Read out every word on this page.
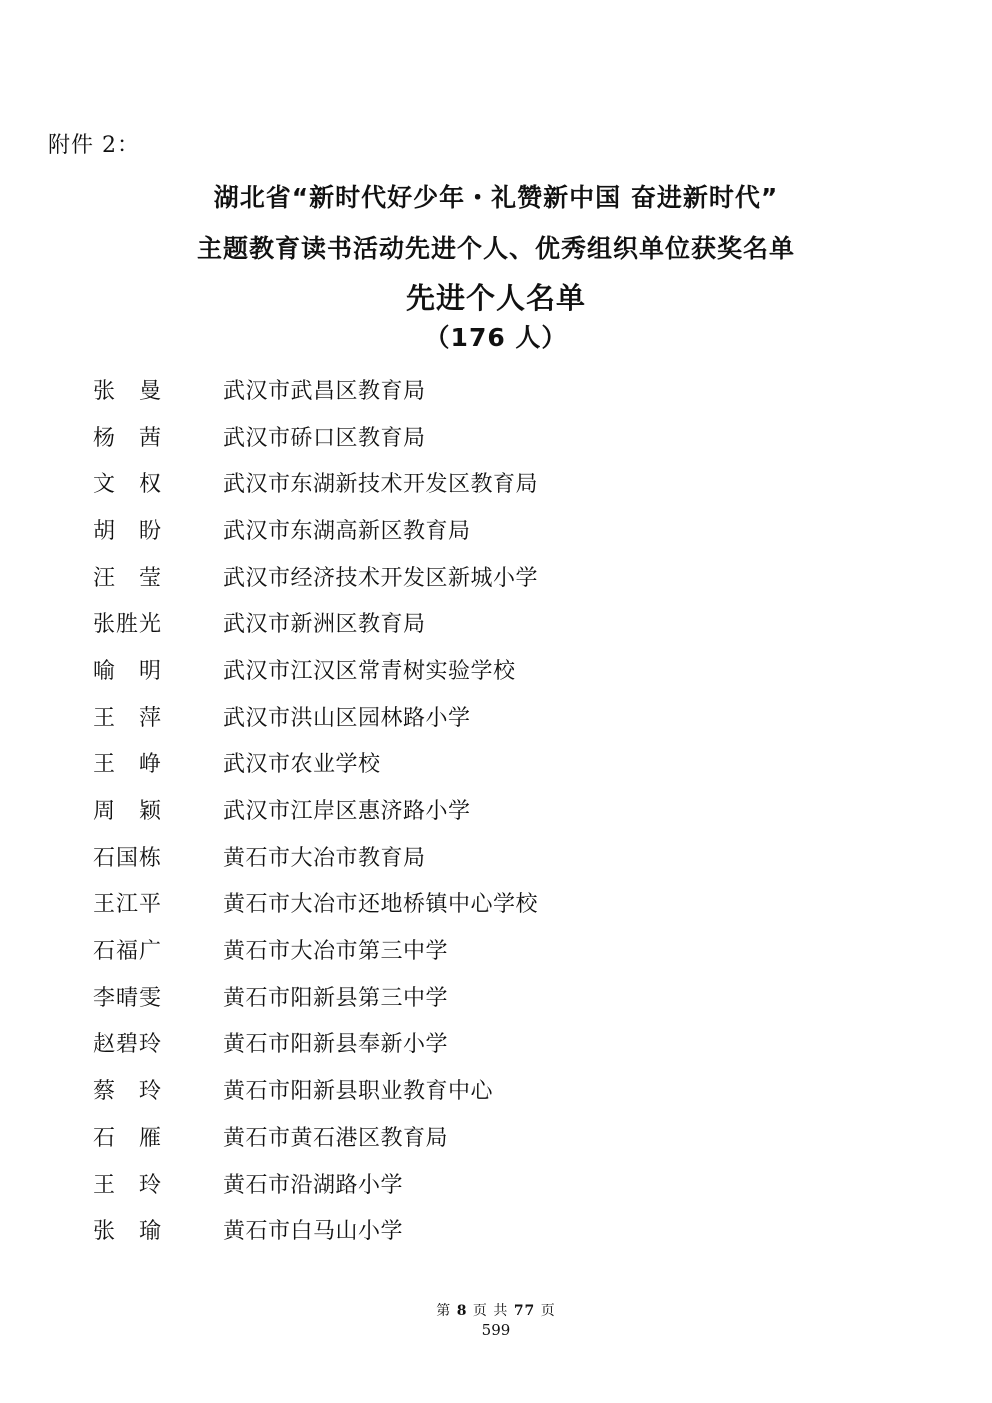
附件 2：
湖北省“新时代好少年・礼赞新中国 奋进新时代”
主题教育读书活动先进个人、优秀组织单位获奖名单
先进个人名单
（176 人）
张　曼	武汉市武昌区教育局
杨　茜	武汉市硚口区教育局
文　权	武汉市东湖新技术开发区教育局
胡　盼	武汉市东湖高新区教育局
汪　莹	武汉市经济技术开发区新城小学
张胜光	武汉市新洲区教育局
喻　明	武汉市江汉区常青树实验学校
王　萍	武汉市洪山区园林路小学
王　峥	武汉市农业学校
周　颖	武汉市江岸区惠济路小学
石国栋	黄石市大冶市教育局
王江平	黄石市大冶市还地桥镇中心学校
石福广	黄石市大冶市第三中学
李晴雯	黄石市阳新县第三中学
赵碧玲	黄石市阳新县奉新小学
蔡　玲	黄石市阳新县职业教育中心
石　雁	黄石市黄石港区教育局
王　玲	黄石市沿湖路小学
张　瑜	黄石市白马山小学
第 8 页 共 77 页
599
